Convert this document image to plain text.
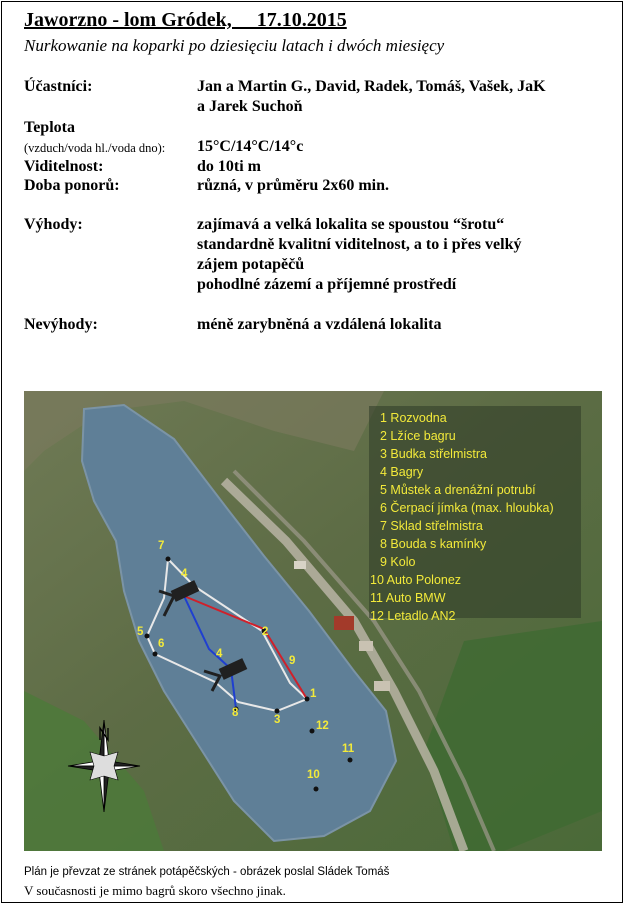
Jaworzno - lom Gródek,     17.10.2015
Nurkowanie na koparki po dziesięciu latach i dwóch miesięcy
Účastníci:	Jan a Martin G., David, Radek, Tomáš, Vašek, JaK
a Jarek Suchoň
Teplota
(vzduch/voda hl./voda dno): 15°C/14°C/14°c
Viditelnost:	do 10ti m
Doba ponorů:	různá, v průměru 2x60 min.
Výhody:	zajímavá a velká lokalita se spoustou “šrotu“
standardně kvalitní viditelnost, a to i přes velký
zájem potapěčů
pohodlné zázemí a příjemné prostředí
Nevýhody:	méně zarybněná a vzdálená lokalita
1 Rozvodna
2 Lžíce bagru
3 Budka střelmistra
4 Bagry
5 Můstek a drenážní potrubí
6 Čerpací jímka (max. hloubka)
7 Sklad střelmistra
8 Bouda s kamínky
9 Kolo
10 Auto Polonez
11 Auto BMW
12 Letadlo AN2
7
4
2
5
6
4
9
1
8
3	12
11
10
Plán je převzat ze stránek potápěčských - obrázek poslal Sládek Tomáš
V současnosti je mimo bagrů skoro všechno jinak.
